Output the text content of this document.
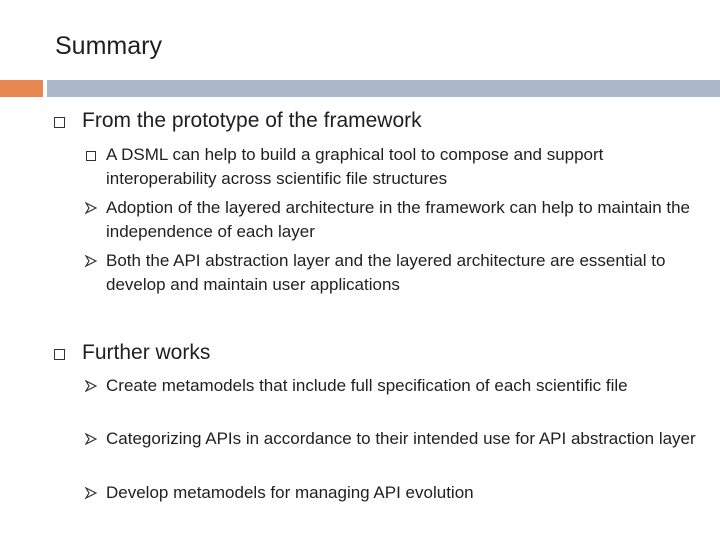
Summary
From the prototype of the framework
A DSML can help to build a graphical tool to compose and support interoperability across scientific file structures
Adoption of the layered architecture in the framework can help to maintain the independence of each layer
Both the API abstraction layer and the layered architecture are essential to develop and maintain user applications
Further works
Create metamodels that include full specification of each scientific file
Categorizing APIs in accordance to their intended use for API abstraction layer
Develop metamodels for managing API evolution
